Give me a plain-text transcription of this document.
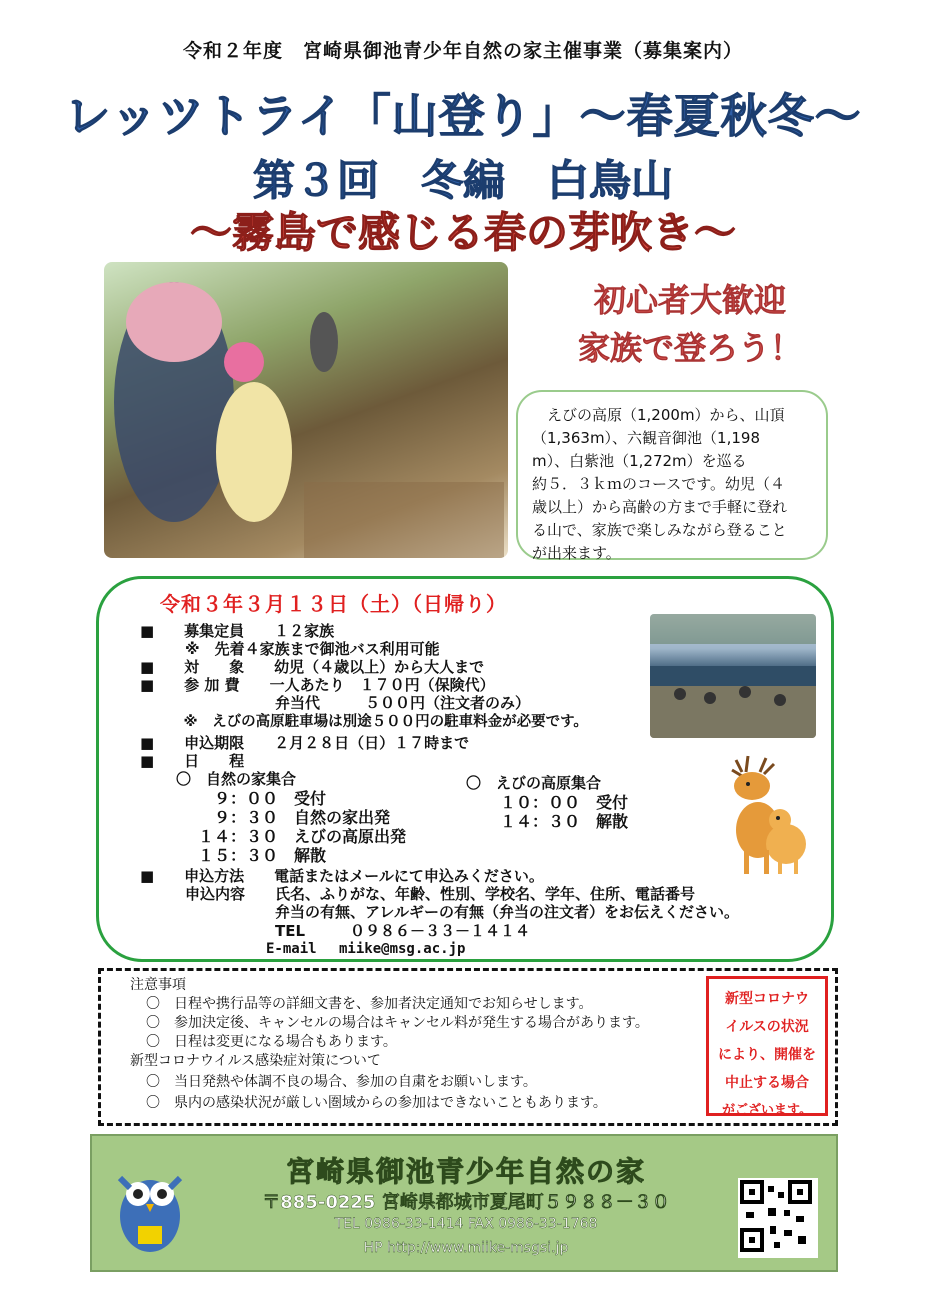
令和２年度　宮崎県御池青少年自然の家主催事業（募集案内）
レッツトライ「山登り」～春夏秋冬～
第３回　冬編　白鳥山
～霧島で感じる春の芽吹き～
初心者大歓迎
家族で登ろう！
えびの高原（1,200m）から、山頂
（1,363m）、六観音御池（1,198
m）、白紫池（1,272m）を巡る
約５．３ｋｍのコースです。幼児（４
歳以上）から高齢の方まで手軽に登れ
る山で、家族で楽しみながら登ること
が出来ます。
令和３年３月１３日（土）（日帰り）
■　　募集定員　　１２家族
　　　※　先着４家族まで御池バス利用可能
■　　対　　象　　幼児（４歳以上）から大人まで
■　　参 加 費　　一人あたり　１７０円（保険代）
　　　　　　　　　弁当代　　　５００円（注文者のみ）
　　　※　えびの高原駐車場は別途５００円の駐車料金が必要です。
■　　申込期限　　２月２８日（日）１７時まで
■　　日　　程
〇　自然の家集合
　９：００　受付
　９：３０　自然の家出発
１４：３０　えびの高原出発
１５：３０　解散
〇　えびの高原集合
１０：００　受付
１４：３０　解散
■　　申込方法　　電話またはメールにて申込みください。
　　　申込内容　　氏名、ふりがな、年齢、性別、学校名、学年、住所、電話番号
　　　　　　　　　弁当の有無、アレルギーの有無（弁当の注文者）をお伝えください。
　　　　　　　　　TEL　　　０９８６－３３－１４１４
　　　　　　　　　E-mail　 miike@msg.ac.jp
注意事項
〇　日程や携行品等の詳細文書を、参加者決定通知でお知らせします。
〇　参加決定後、キャンセルの場合はキャンセル料が発生する場合があります。
〇　日程は変更になる場合もあります。
新型コロナウイルス感染症対策について
〇　当日発熱や体調不良の場合、参加の自粛をお願いします。
〇　県内の感染状況が厳しい圏域からの参加はできないこともあります。
新型コロナウ
イルスの状況
により、開催を
中止する場合
がございます。
宮崎県御池青少年自然の家
〒885-0225 宮崎県都城市夏尾町５９８８－３０
TEL 0986-33-1414 FAX 0986-33-1768
HP http://www.miike-msgsi.jp
